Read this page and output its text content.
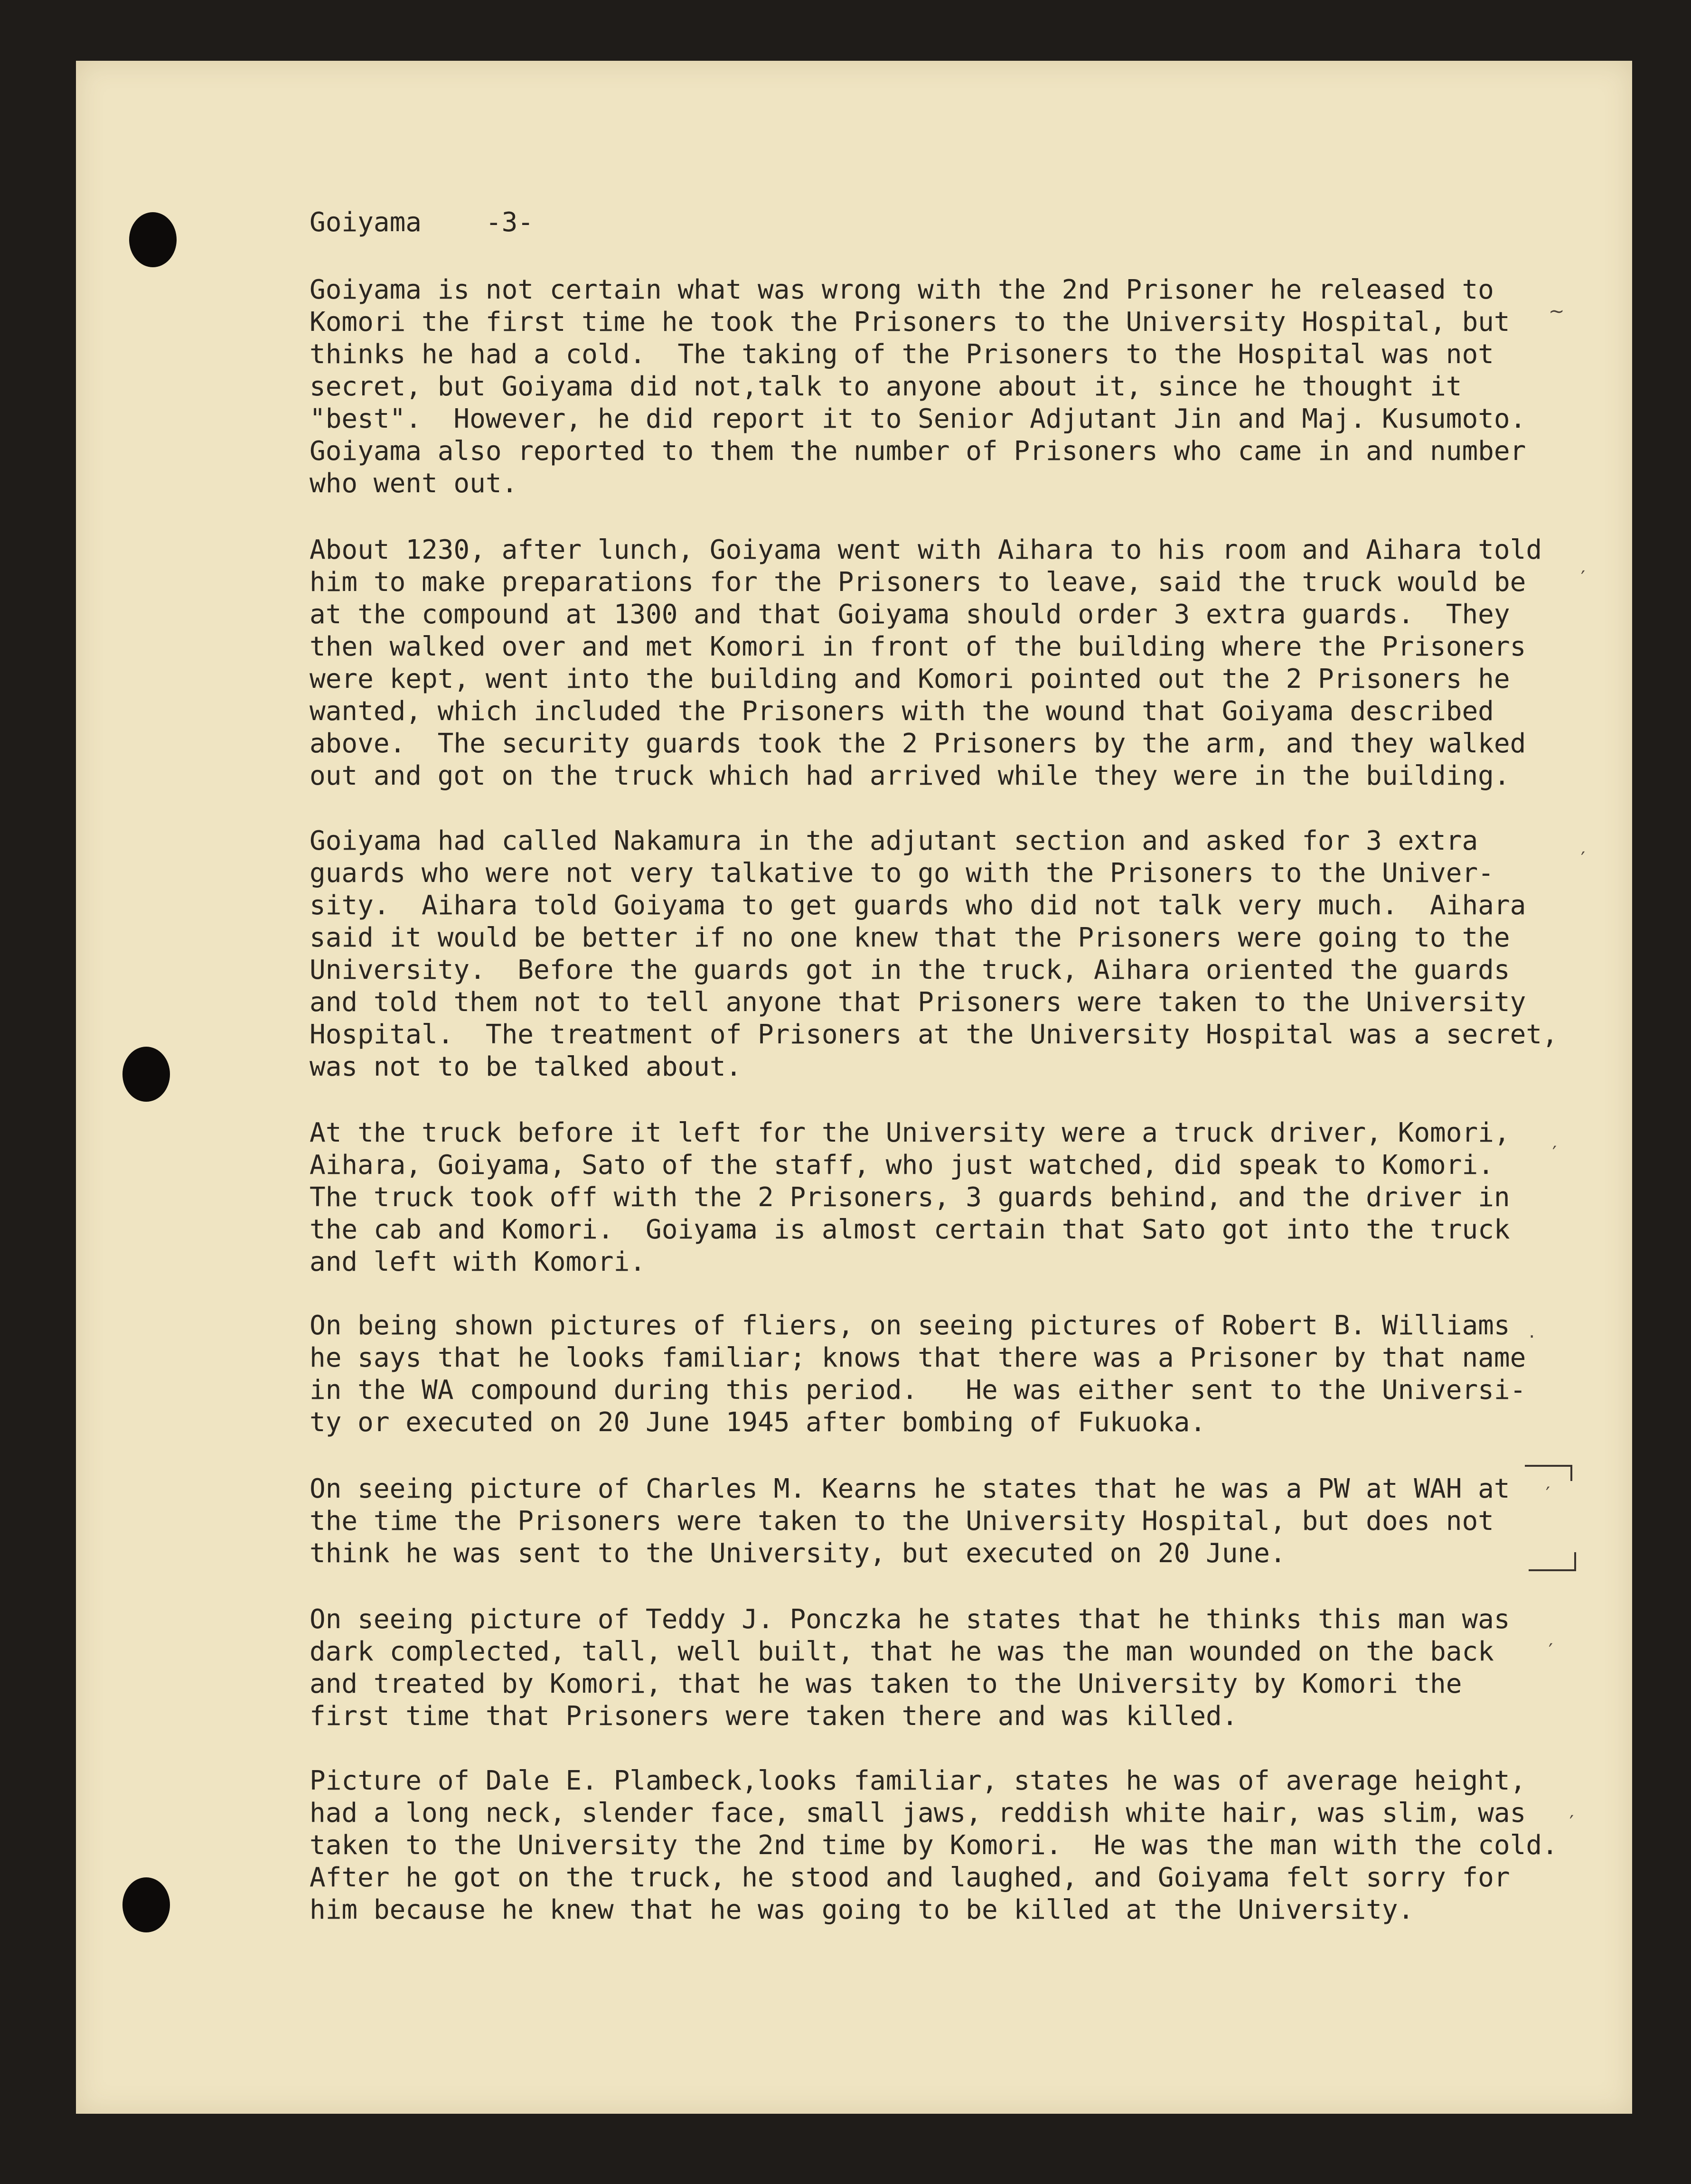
Goiyama    -3-
Goiyama is not certain what was wrong with the 2nd Prisoner he released to
Komori the first time he took the Prisoners to the University Hospital, but
thinks he had a cold.  The taking of the Prisoners to the Hospital was not
secret, but Goiyama did not,talk to anyone about it, since he thought it
"best".  However, he did report it to Senior Adjutant Jin and Maj. Kusumoto.
Goiyama also reported to them the number of Prisoners who came in and number
who went out.
About 1230, after lunch, Goiyama went with Aihara to his room and Aihara told
him to make preparations for the Prisoners to leave, said the truck would be
at the compound at 1300 and that Goiyama should order 3 extra guards.  They
then walked over and met Komori in front of the building where the Prisoners
were kept, went into the building and Komori pointed out the 2 Prisoners he
wanted, which included the Prisoners with the wound that Goiyama described
above.  The security guards took the 2 Prisoners by the arm, and they walked
out and got on the truck which had arrived while they were in the building.
Goiyama had called Nakamura in the adjutant section and asked for 3 extra
guards who were not very talkative to go with the Prisoners to the Univer-
sity.  Aihara told Goiyama to get guards who did not talk very much.  Aihara
said it would be better if no one knew that the Prisoners were going to the
University.  Before the guards got in the truck, Aihara oriented the guards
and told them not to tell anyone that Prisoners were taken to the University
Hospital.  The treatment of Prisoners at the University Hospital was a secret,
was not to be talked about.
At the truck before it left for the University were a truck driver, Komori,
Aihara, Goiyama, Sato of the staff, who just watched, did speak to Komori.
The truck took off with the 2 Prisoners, 3 guards behind, and the driver in
the cab and Komori.  Goiyama is almost certain that Sato got into the truck
and left with Komori.
On being shown pictures of fliers, on seeing pictures of Robert B. Williams
he says that he looks familiar; knows that there was a Prisoner by that name
in the WA compound during this period.   He was either sent to the Universi-
ty or executed on 20 June 1945 after bombing of Fukuoka.
On seeing picture of Charles M. Kearns he states that he was a PW at WAH at
the time the Prisoners were taken to the University Hospital, but does not
think he was sent to the University, but executed on 20 June.
On seeing picture of Teddy J. Ponczka he states that he thinks this man was
dark complected, tall, well built, that he was the man wounded on the back
and treated by Komori, that he was taken to the University by Komori the
first time that Prisoners were taken there and was killed.
Picture of Dale E. Plambeck,looks familiar, states he was of average height,
had a long neck, slender face, small jaws, reddish white hair, was slim, was
taken to the University the 2nd time by Komori.  He was the man with the cold.
After he got on the truck, he stood and laughed, and Goiyama felt sorry for
him because he knew that he was going to be killed at the University.
∼
′
′
′
․
′
′
′
